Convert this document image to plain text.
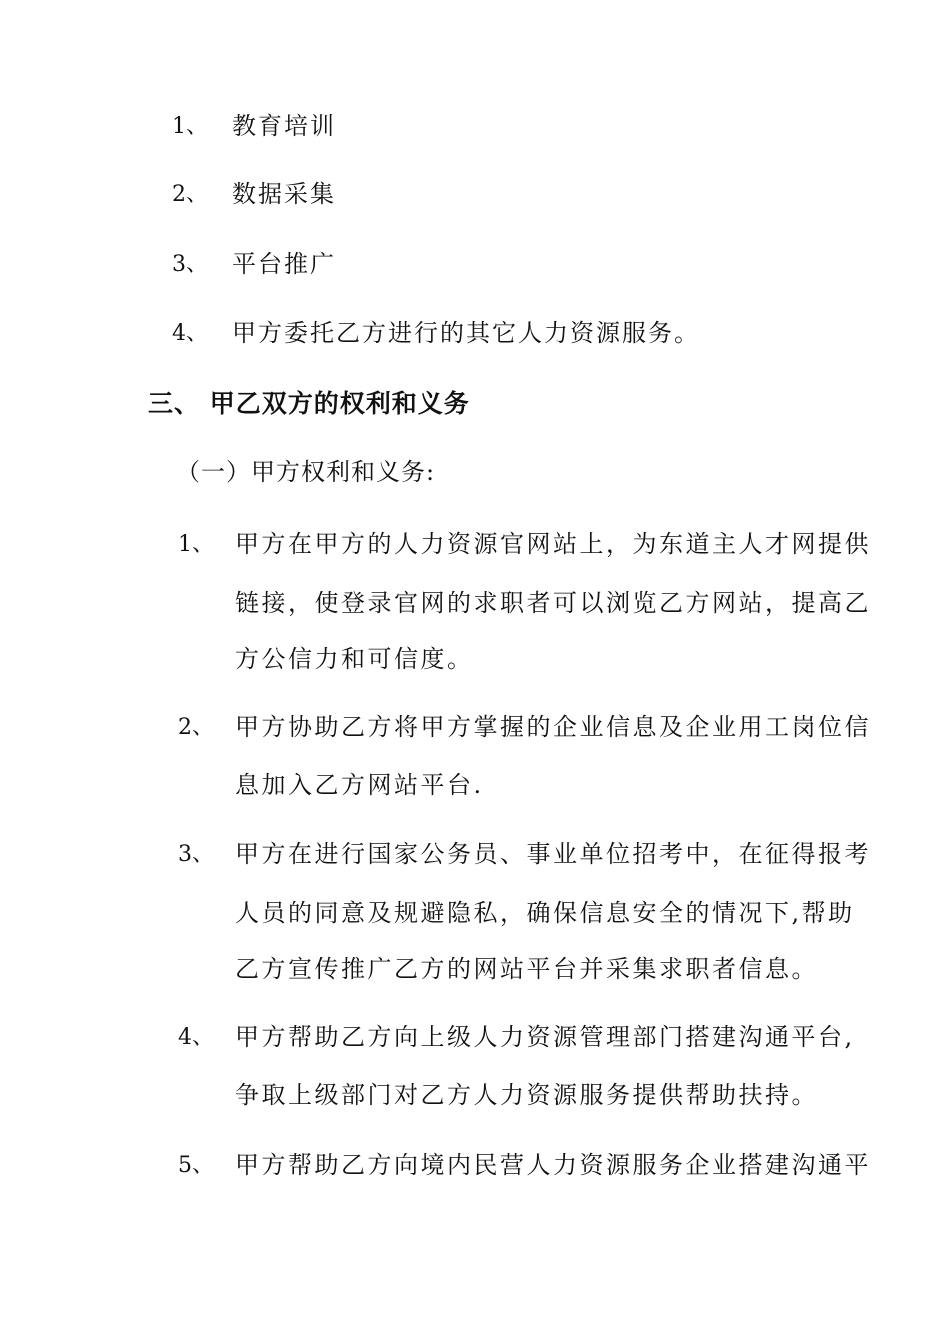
1、 教育培训
2、 数据采集
3、 平台推广
4、 甲方委托乙方进行的其它人力资源服务。
三、 甲乙双方的权利和义务
（一）甲方权利和义务:
1、 甲方在甲方的人力资源官网站上，为东道主人才网提供
链接，使登录官网的求职者可以浏览乙方网站，提高乙
方公信力和可信度。
2、 甲方协助乙方将甲方掌握的企业信息及企业用工岗位信
息加入乙方网站平台.
3、 甲方在进行国家公务员、事业单位招考中，在征得报考
人员的同意及规避隐私，确保信息安全的情况下,帮助
乙方宣传推广乙方的网站平台并采集求职者信息。
4、 甲方帮助乙方向上级人力资源管理部门搭建沟通平台,
争取上级部门对乙方人力资源服务提供帮助扶持。
5、 甲方帮助乙方向境内民营人力资源服务企业搭建沟通平
